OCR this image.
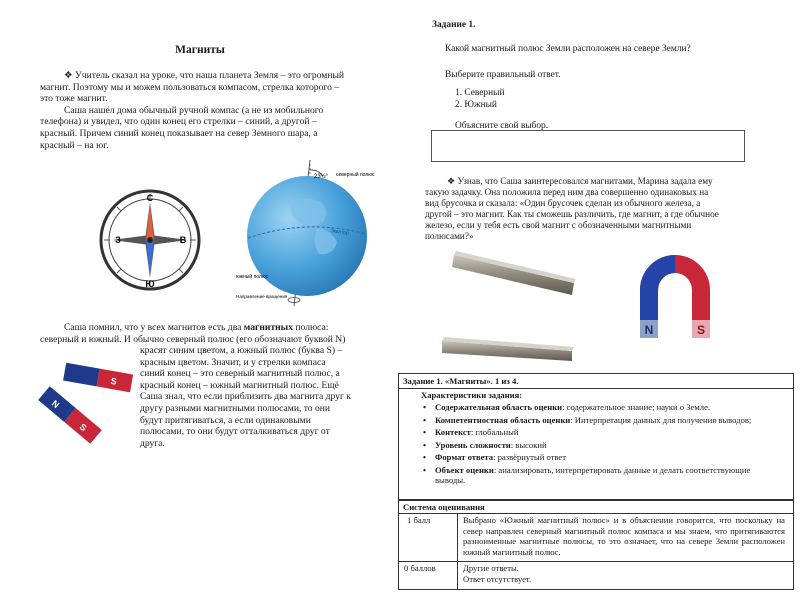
Магниты
❖ Учитель сказал на уроке, что наша планета Земля – это огромный
магнит. Поэтому мы и можем пользоваться компасом, стрелка которого –
это тоже магнит.
Саша нашёл дома обычный ручной компас (а не из мобильного
телефона) и увидел, что один конец его стрелки – синий, а другой –
красный. Причем синий конец показывает на север Земного шара, а
красный – на юг.
С
Ю
З	В
Экватор
23½° северный полюс
южный полюс
Направление вращения
Саша помнил, что у всех магнитов есть два магнитных полюса:
северный и южный. И обычно северный полюс (его обозначают буквой N)
красят синим цветом, а южный полюс (буква S) –
красным цветом. Значит, и у стрелки компаса
синий конец – это северный магнитный полюс, а
красный конец – южный магнитный полюс. Ещё
Саша знал, что если приблизить два магнита друг к
другу разными магнитными полюсами, то они
будут притягиваться, а если одинаковыми
полюсами, то они будут отталкиваться друг от
друга.
S
N
S
Задание 1.
Какой магнитный полюс Земли расположен на севере Земли?
Выберите правильный ответ.
1. Северный
2. Южный
Объясните свой выбор.
❖ Узнав, что Саша заинтересовался магнитами, Марина задала ему
такую задачку. Она положила перед ним два совершенно одинаковых на
вид брусочка и сказала: «Один брусочек сделан из обычного железа, а
другой – это магнит. Как ты сможешь различить, где магнит, а где обычное
железо, если у тебя есть свой магнит с обозначенными магнитными
полюсами?»
N	S
Задание 1. «Магниты». 1 из 4.
Характеристики задания:
• Содержательная область оценки: содержательное знание; науки о Земле.
• Компетентностная область оценки: Интерпретация данных для получения выводов;
• Контекст: глобальный
• Уровень сложности: высокий
• Формат ответа: развёрнутый ответ
• Объект оценки: анализировать, интерпретировать данные и делать соответствующие выводы.
Система оценивания
1 балл	Выбрано «Южный магнитный полюс» и в объяснении говорится, что поскольку на север направлен северный магнитный полюс компаса и мы знаем, что притягиваются разноименные магнитные полюсы, то это означает, что на севере Земли расположен южный магнитный полюс.
0 баллов	Другие ответы.
Ответ отсутствует.
